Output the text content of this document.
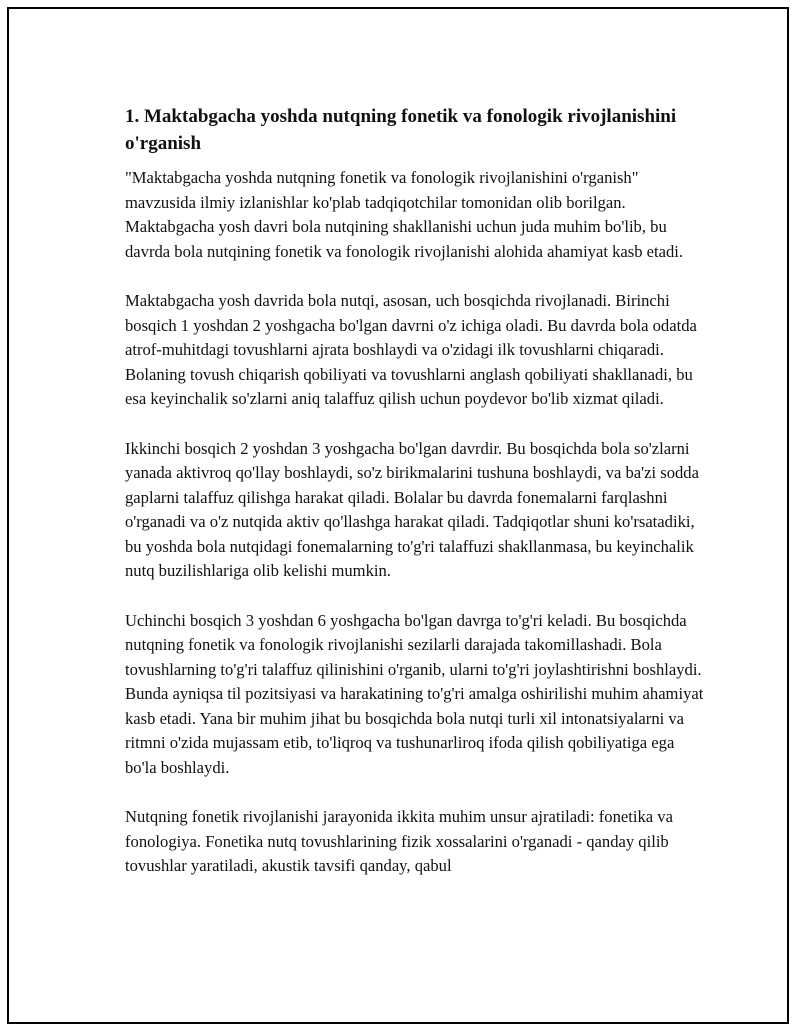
1. Maktabgacha yoshda nutqning fonetik va fonologik rivojlanishini o'rganish

"Maktabgacha yoshda nutqning fonetik va fonologik rivojlanishini o'rganish" mavzusida ilmiy izlanishlar ko'plab tadqiqotchilar tomonidan olib borilgan. Maktabgacha yosh davri bola nutqining shakllanishi uchun juda muhim bo'lib, bu davrda bola nutqining fonetik va fonologik rivojlanishi alohida ahamiyat kasb etadi.

Maktabgacha yosh davrida bola nutqi, asosan, uch bosqichda rivojlanadi. Birinchi bosqich 1 yoshdan 2 yoshgacha bo'lgan davrni o'z ichiga oladi. Bu davrda bola odatda atrof-muhitdagi tovushlarni ajrata boshlaydi va o'zidagi ilk tovushlarni chiqaradi. Bolaning tovush chiqarish qobiliyati va tovushlarni anglash qobiliyati shakllanadi, bu esa keyinchalik so'zlarni aniq talaffuz qilish uchun poydevor bo'lib xizmat qiladi.

Ikkinchi bosqich 2 yoshdan 3 yoshgacha bo'lgan davrdir. Bu bosqichda bola so'zlarni yanada aktivroq qo'llay boshlaydi, so'z birikmalarini tushuna boshlaydi, va ba'zi sodda gaplarni talaffuz qilishga harakat qiladi. Bolalar bu davrda fonemalarni farqlashni o'rganadi va o'z nutqida aktiv qo'llashga harakat qiladi. Tadqiqotlar shuni ko'rsatadiki, bu yoshda bola nutqidagi fonemalarning to'g'ri talaffuzi shakllanmasa, bu keyinchalik nutq buzilishlariga olib kelishi mumkin.

Uchinchi bosqich 3 yoshdan 6 yoshgacha bo'lgan davrga to'g'ri keladi. Bu bosqichda nutqning fonetik va fonologik rivojlanishi sezilarli darajada takomillashadi. Bola tovushlarning to'g'ri talaffuz qilinishini o'rganib, ularni to'g'ri joylashtirishni boshlaydi. Bunda ayniqsa til pozitsiyasi va harakatining to'g'ri amalga oshirilishi muhim ahamiyat kasb etadi. Yana bir muhim jihat bu bosqichda bola nutqi turli xil intonatsiyalarni va ritmni o'zida mujassam etib, to'liqroq va tushunarliroq ifoda qilish qobiliyatiga ega bo'la boshlaydi.

Nutqning fonetik rivojlanishi jarayonida ikkita muhim unsur ajratiladi: fonetika va fonologiya. Fonetika nutq tovushlarining fizik xossalarini o'rganadi - qanday qilib tovushlar yaratiladi, akustik tavsifi qanday, qabul
